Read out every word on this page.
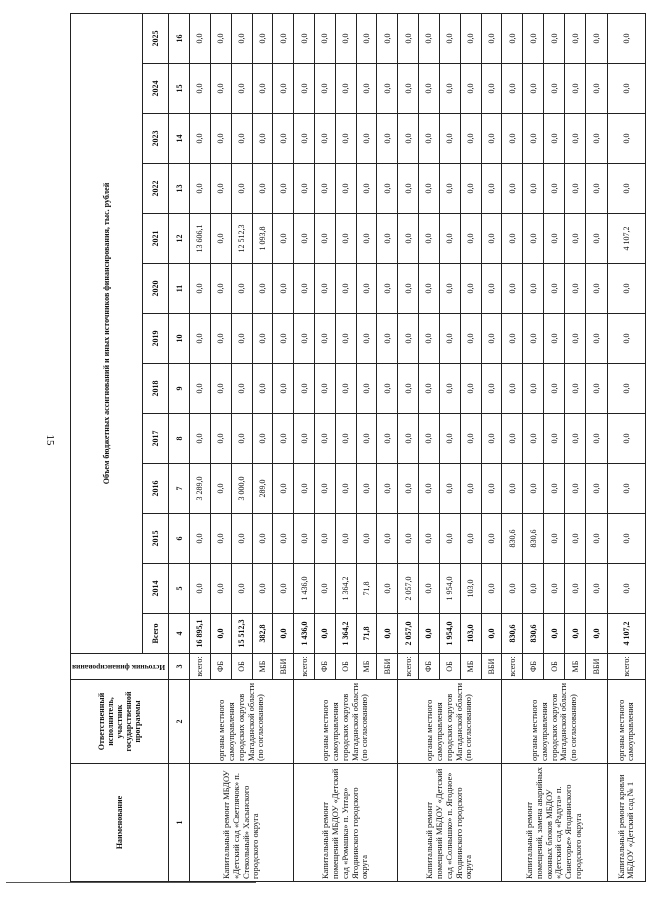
15
Наименование	Ответственный исполнитель, участник государственной программы	Источник финансирования	Объем бюджетных ассигнований и иных источников финансирования, тыс. рублей												
			Всего	2014	2015	2016	2017	2018	2019	2020	2021	2022	2023	2024	2025
1	2	3	4	5	6	7	8	9	10	11	12	13	14	15	16
Капитальный ремонт МБДОУ «Детский сад «Светлячок» п. Стекольный» Хасынского городского округа	органы местного самоуправления городских округов Магаданской области (по согласованию)	всего:	16 895,1	0,0	0,0	3 289,0	0,0	0,0	0,0	0,0	13 606,1	0,0	0,0	0,0	0,0
		ФБ	0,0	0,0	0,0	0,0	0,0	0,0	0,0	0,0	0,0	0,0	0,0	0,0	0,0
		ОБ	15 512,3	0,0	0,0	3 000,0	0,0	0,0	0,0	0,0	12 512,3	0,0	0,0	0,0	0,0
		МБ	382,8	0,0	0,0	289,0	0,0	0,0	0,0	0,0	1 093,8	0,0	0,0	0,0	0,0
		ВБИ	0,0	0,0	0,0	0,0	0,0	0,0	0,0	0,0	0,0	0,0	0,0	0,0	0,0
Капитальный ремонт помещений МБДОУ «Детский сад «Ромашка» п. Уптар» Ягоднинского городского округа	органы местного самоуправления городских округов Магаданской области (по согласованию)	всего:	1 436,0	1 436,0	0,0	0,0	0,0	0,0	0,0	0,0	0,0	0,0	0,0	0,0	0,0
		ФБ	0,0	0,0	0,0	0,0	0,0	0,0	0,0	0,0	0,0	0,0	0,0	0,0	0,0
		ОБ	1 364,2	1 364,2	0,0	0,0	0,0	0,0	0,0	0,0	0,0	0,0	0,0	0,0	0,0
		МБ	71,8	71,8	0,0	0,0	0,0	0,0	0,0	0,0	0,0	0,0	0,0	0,0	0,0
		ВБИ	0,0	0,0	0,0	0,0	0,0	0,0	0,0	0,0	0,0	0,0	0,0	0,0	0,0
Капитальный ремонт помещений МБДОУ «Детский сад «Солнышко» п. Ягодное» Ягоднинского городского округа	органы местного самоуправления городских округов Магаданской области (по согласованию)	всего:	2 057,0	2 057,0	0,0	0,0	0,0	0,0	0,0	0,0	0,0	0,0	0,0	0,0	0,0
		ФБ	0,0	0,0	0,0	0,0	0,0	0,0	0,0	0,0	0,0	0,0	0,0	0,0	0,0
		ОБ	1 954,0	1 954,0	0,0	0,0	0,0	0,0	0,0	0,0	0,0	0,0	0,0	0,0	0,0
		МБ	103,0	103,0	0,0	0,0	0,0	0,0	0,0	0,0	0,0	0,0	0,0	0,0	0,0
		ВБИ	0,0	0,0	0,0	0,0	0,0	0,0	0,0	0,0	0,0	0,0	0,0	0,0	0,0
Капитальный ремонт помещений, замена аварийных оконных блоков МБДОУ «Детский сад «Радуга» п. Синегорье» Ягоднинского городского округа	органы местного самоуправления городских округов Магаданской области (по согласованию)	всего:	830,6	0,0	830,6	0,0	0,0	0,0	0,0	0,0	0,0	0,0	0,0	0,0	0,0
		ФБ	830,6	0,0	830,6	0,0	0,0	0,0	0,0	0,0	0,0	0,0	0,0	0,0	0,0
		ОБ	0,0	0,0	0,0	0,0	0,0	0,0	0,0	0,0	0,0	0,0	0,0	0,0	0,0
		МБ	0,0	0,0	0,0	0,0	0,0	0,0	0,0	0,0	0,0	0,0	0,0	0,0	0,0
		ВБИ	0,0	0,0	0,0	0,0	0,0	0,0	0,0	0,0	0,0	0,0	0,0	0,0	0,0
Капитальный ремонт кровли МБДОУ «Детский сад № 1	органы местного самоуправления	всего:	4 107,2	0,0	0,0	0,0	0,0	0,0	0,0	0,0	4 107,2	0,0	0,0	0,0	0,0
